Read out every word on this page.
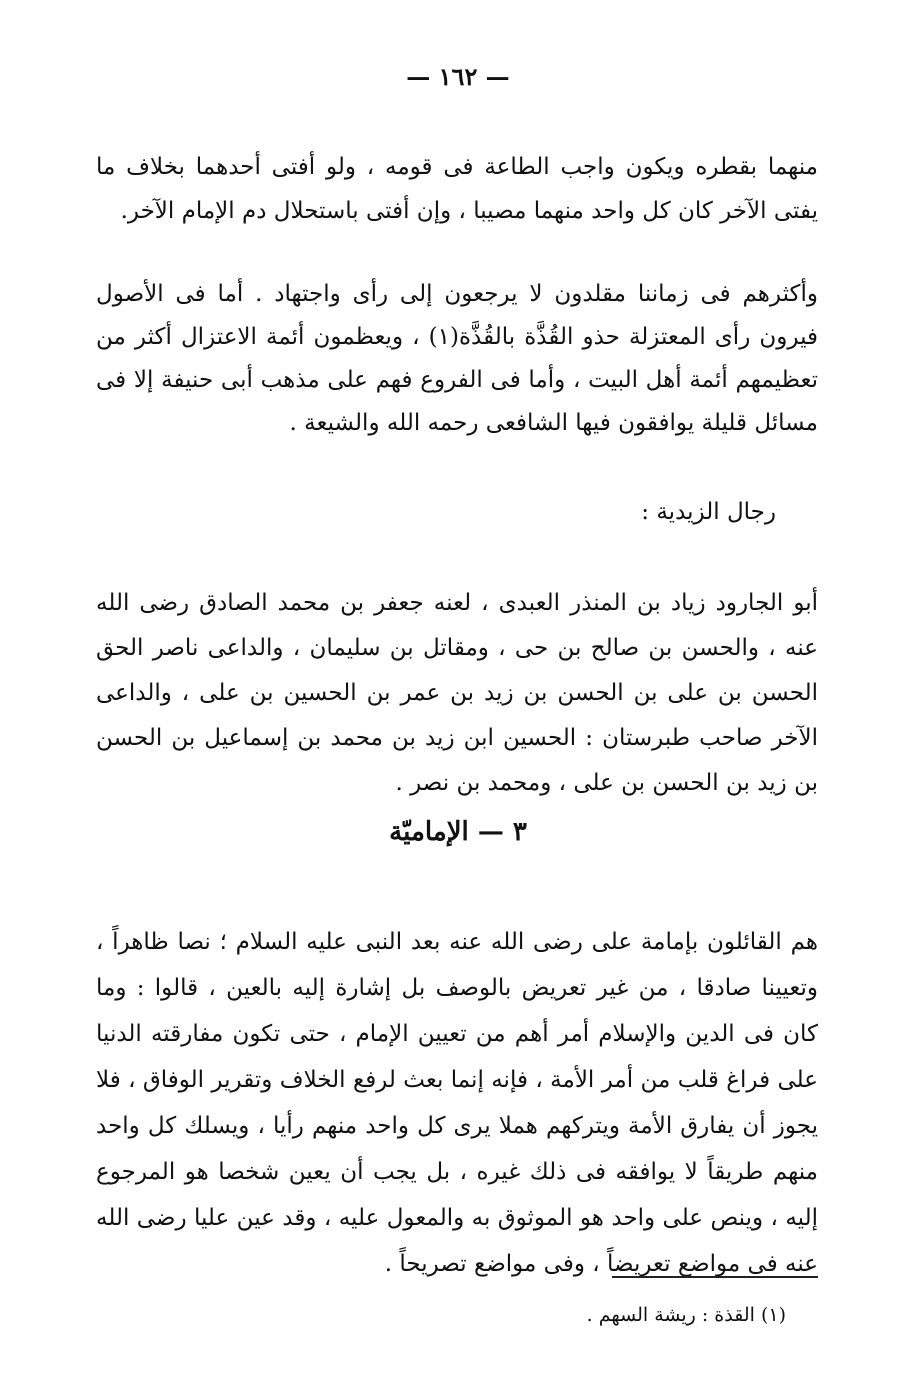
— ١٦٢ —

منهما بقطره ويكون واجب الطاعة فى قومه ، ولو أفتى أحدهما بخلاف ما يفتى الآخر كان كل واحد منهما مصيبا ، وإن أفتى باستحلال دم الإمام الآخر.

وأكثرهم فى زماننا مقلدون لا يرجعون إلى رأى واجتهاد . أما فى الأصول فيرون رأى المعتزلة حذو القُذَّة بالقُذَّة(١) ، ويعظمون أئمة الاعتزال أكثر من تعظيمهم أئمة أهل البيت ، وأما فى الفروع فهم على مذهب أبى حنيفة إلا فى مسائل قليلة يوافقون فيها الشافعى رحمه الله والشيعة .

رجال الزيدية :

أبو الجارود زياد بن المنذر العبدى ، لعنه جعفر بن محمد الصادق رضى الله عنه ، والحسن بن صالح بن حى ، ومقاتل بن سليمان ، والداعى ناصر الحق الحسن بن على بن الحسن بن زيد بن عمر بن الحسين بن على ، والداعى الآخر صاحب طبرستان : الحسين ابن زيد بن محمد بن إسماعيل بن الحسن بن زيد بن الحسن بن على ، ومحمد بن نصر .

٣ — الإماميّة

هم القائلون بإمامة على رضى الله عنه بعد النبى عليه السلام ؛ نصا ظاهراً ، وتعيينا صادقا ، من غير تعريض بالوصف بل إشارة إليه بالعين ، قالوا : وما كان فى الدين والإسلام أمر أهم من تعيين الإمام ، حتى تكون مفارقته الدنيا على فراغ قلب من أمر الأمة ، فإنه إنما بعث لرفع الخلاف وتقرير الوفاق ، فلا يجوز أن يفارق الأمة ويتركهم هملا يرى كل واحد منهم رأيا ، ويسلك كل واحد منهم طريقاً لا يوافقه فى ذلك غيره ، بل يجب أن يعين شخصا هو المرجوع إليه ، وينص على واحد هو الموثوق به والمعول عليه ، وقد عين عليا رضى الله عنه فى مواضع تعريضاً ، وفى مواضع تصريحاً .

(١) القذة : ريشة السهم .
